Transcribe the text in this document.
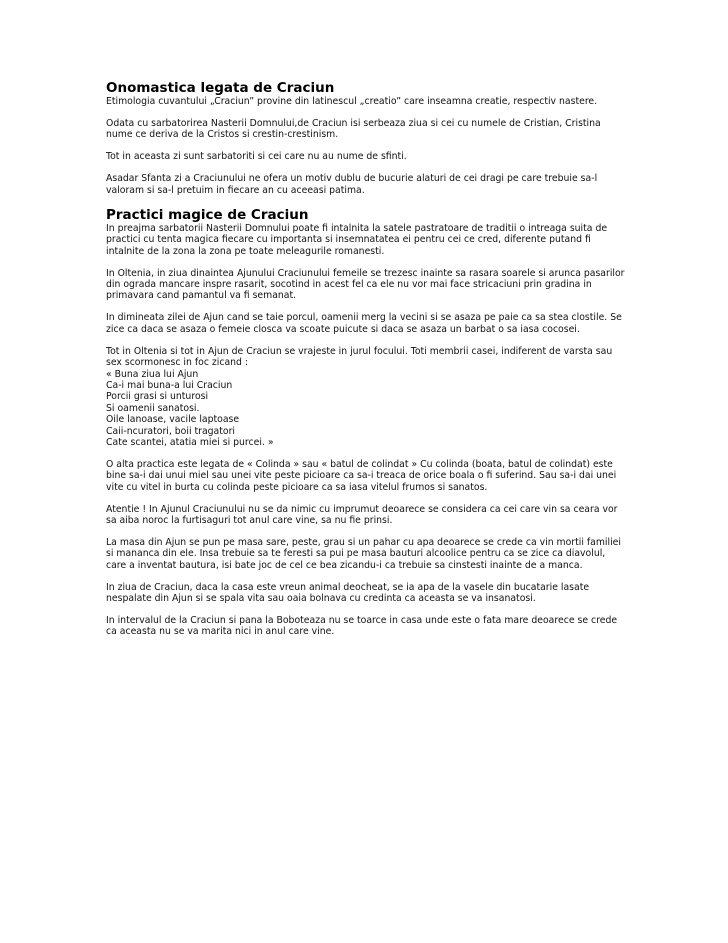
Onomastica legata de Craciun

Etimologia cuvantului „Craciun” provine din latinescul „creatio” care inseamna creatie, respectiv nastere.

Odata cu sarbatorirea Nasterii Domnului,de Craciun isi serbeaza ziua si cei cu numele de Cristian, Cristina nume ce deriva de la Cristos si crestin-crestinism.

Tot in aceasta zi sunt sarbatoriti si cei care nu au nume de sfinti.

Asadar Sfanta zi a Craciunului ne ofera un motiv dublu de bucurie alaturi de cei dragi pe care trebuie sa-l valoram si sa-l pretuim in fiecare an cu aceeasi patima.

Practici magice de Craciun

In preajma sarbatorii Nasterii Domnului poate fi intalnita la satele pastratoare de traditii o intreaga suita de practici cu tenta magica fiecare cu importanta si insemnatatea ei pentru cei ce cred, diferente putand fi intalnite de la zona la zona pe toate meleagurile romanesti.

In Oltenia, in ziua dinaintea Ajunului Craciunului femeile se trezesc inainte sa rasara soarele si arunca pasarilor din ograda mancare inspre rasarit, socotind in acest fel ca ele nu vor mai face stricaciuni prin gradina in primavara cand pamantul va fi semanat.

In dimineata zilei de Ajun cand se taie porcul, oamenii merg la vecini si se asaza pe paie ca sa stea clostile. Se zice ca daca se asaza o femeie closca va scoate puicute si daca se asaza un barbat o sa iasa cocosei.

Tot in Oltenia si tot in Ajun de Craciun se vrajeste in jurul focului. Toti membrii casei, indiferent de varsta sau sex scormonesc in foc zicand :
« Buna ziua lui Ajun
Ca-i mai buna-a lui Craciun
Porcii grasi si unturosi
Si oamenii sanatosi.
Oile lanoase, vacile laptoase
Caii-ncuratori, boii tragatori
Cate scantei, atatia miei si purcei. »

O alta practica este legata de « Colinda » sau « batul de colindat » Cu colinda (boata, batul de colindat) este bine sa-i dai unui miel sau unei vite peste picioare ca sa-i treaca de orice boala o fi suferind. Sau sa-i dai unei vite cu vitel in burta cu colinda peste picioare ca sa iasa vitelul frumos si sanatos.

Atentie ! In Ajunul Craciunului nu se da nimic cu imprumut deoarece se considera ca cei care vin sa ceara vor sa aiba noroc la furtisaguri tot anul care vine, sa nu fie prinsi.

La masa din Ajun se pun pe masa sare, peste, grau si un pahar cu apa deoarece se crede ca vin mortii familiei si mananca din ele. Insa trebuie sa te feresti sa pui pe masa bauturi alcoolice pentru ca se zice ca diavolul, care a inventat bautura, isi bate joc de cel ce bea zicandu-i ca trebuie sa cinstesti inainte de a manca.

In ziua de Craciun, daca la casa este vreun animal deocheat, se ia apa de la vasele din bucatarie lasate nespalate din Ajun si se spala vita sau oaia bolnava cu credinta ca aceasta se va insanatosi.

In intervalul de la Craciun si pana la Boboteaza nu se toarce in casa unde este o fata mare deoarece se crede ca aceasta nu se va marita nici in anul care vine.
